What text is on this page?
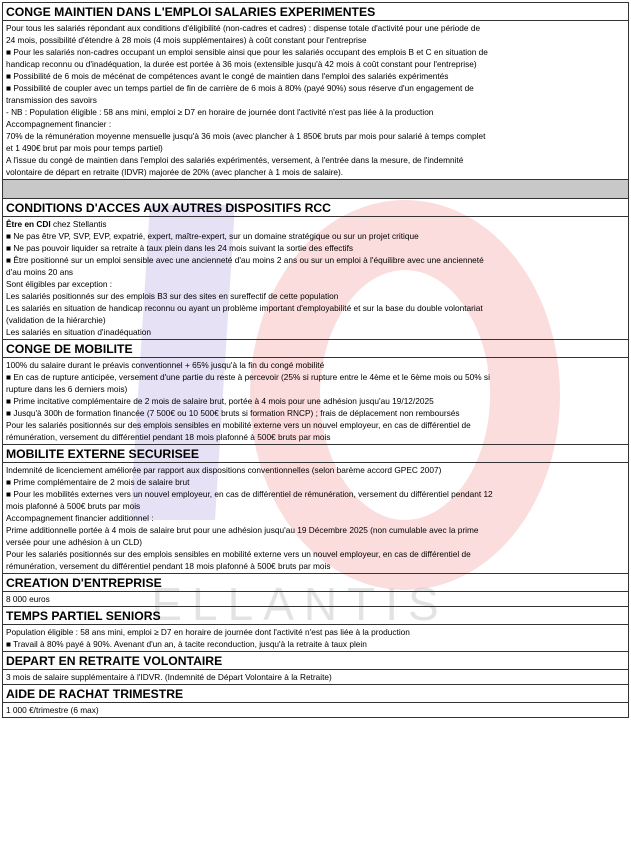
ELLANTIS
CONGE MAINTIEN DANS L'EMPLOI SALARIES EXPERIMENTES
Pour tous les salariés répondant aux conditions d'éligibilité (non-cadres et cadres) : dispense totale d'activité pour une période de
24 mois, possibilité d'étendre à 28 mois (4 mois supplémentaires) à coût constant pour l'entreprise
■ Pour les salariés non-cadres occupant un emploi sensible ainsi que pour les salariés occupant des emplois B et C en situation de
handicap reconnu ou d'inadéquation, la durée est portée à 36 mois (extensible jusqu'à 42 mois à coût constant pour l'entreprise)
■ Possibilité de 6 mois de mécénat de compétences avant le congé de maintien dans l'emploi des salariés expérimentés
■ Possibilité de coupler avec un temps partiel de fin de carrière de 6 mois à 80% (payé 90%) sous réserve d'un engagement de
transmission des savoirs
- NB : Population éligible : 58 ans mini, emploi ≥ D7 en horaire de journée dont l'activité n'est pas liée à la production
Accompagnement financier :
70% de la rémunération moyenne mensuelle jusqu'à 36 mois (avec plancher à 1 850€ bruts par mois pour salarié à temps complet
et 1 490€ brut par mois pour temps partiel)
A l'issue du congé de maintien dans l'emploi des salariés expérimentés, versement, à l'entrée dans la mesure, de l'indemnité
volontaire de départ en retraite (IDVR) majorée de 20% (avec plancher à 1 mois de salaire).
CONDITIONS D'ACCES AUX AUTRES DISPOSITIFS RCC
Être en CDI chez Stellantis
■ Ne pas être VP, SVP, EVP, expatrié, expert, maître-expert, sur un domaine stratégique ou sur un projet critique
■ Ne pas pouvoir liquider sa retraite à taux plein dans les 24 mois suivant la sortie des effectifs
■ Être positionné sur un emploi sensible avec une ancienneté d'au moins 2 ans ou sur un emploi à l'équilibre avec une ancienneté
d'au moins 20 ans
Sont éligibles par exception :
Les salariés positionnés sur des emplois B3 sur des sites en sureffectif de cette population
Les salariés en situation de handicap reconnu ou ayant un problème important d'employabilité et sur la base du double volontariat
(validation de la hiérarchie)
Les salariés en situation d'inadéquation
CONGE DE MOBILITE
100% du salaire durant le préavis conventionnel + 65% jusqu'à la fin du congé mobilité
■ En cas de rupture anticipée, versement d'une partie du reste à percevoir (25% si rupture entre le 4ème et le 6ème mois ou 50% si
rupture dans les 6 derniers mois)
■ Prime incitative complémentaire de 2 mois de salaire brut, portée à 4 mois pour une adhésion jusqu'au 19/12/2025
■ Jusqu'à 300h de formation financée (7 500€ ou 10 500€ bruts si formation RNCP) ; frais de déplacement non remboursés
Pour les salariés positionnés sur des emplois sensibles en mobilité externe vers un nouvel employeur, en cas de différentiel de
rémunération, versement du différentiel pendant 18 mois plafonné à 500€ bruts par mois
MOBILITE EXTERNE SECURISEE
Indemnité de licenciement améliorée par rapport aux dispositions conventionnelles (selon barème accord GPEC 2007)
■ Prime complémentaire de 2 mois de salaire brut
■ Pour les mobilités externes vers un nouvel employeur, en cas de différentiel de rémunération, versement du différentiel pendant 12
mois plafonné à 500€ bruts par mois
Accompagnement financier additionnel :
Prime additionnelle portée à 4 mois de salaire brut pour une adhésion jusqu'au 19 Décembre 2025 (non cumulable avec la prime
versée pour une adhésion à un CLD)
Pour les salariés positionnés sur des emplois sensibles en mobilité externe vers un nouvel employeur, en cas de différentiel de
rémunération, versement du différentiel pendant 18 mois plafonné à 500€ bruts par mois
CREATION D'ENTREPRISE
8 000 euros
TEMPS PARTIEL SENIORS
Population éligible : 58 ans mini, emploi ≥ D7 en horaire de journée dont l'activité n'est pas liée à la production
■ Travail à 80% payé à 90%. Avenant d'un an, à tacite reconduction, jusqu'à la retraite à taux plein
DEPART EN RETRAITE VOLONTAIRE
3 mois de salaire supplémentaire à l'IDVR. (Indemnité de Départ Volontaire à la Retraite)
AIDE DE RACHAT TRIMESTRE
1 000 €/trimestre (6 max)
